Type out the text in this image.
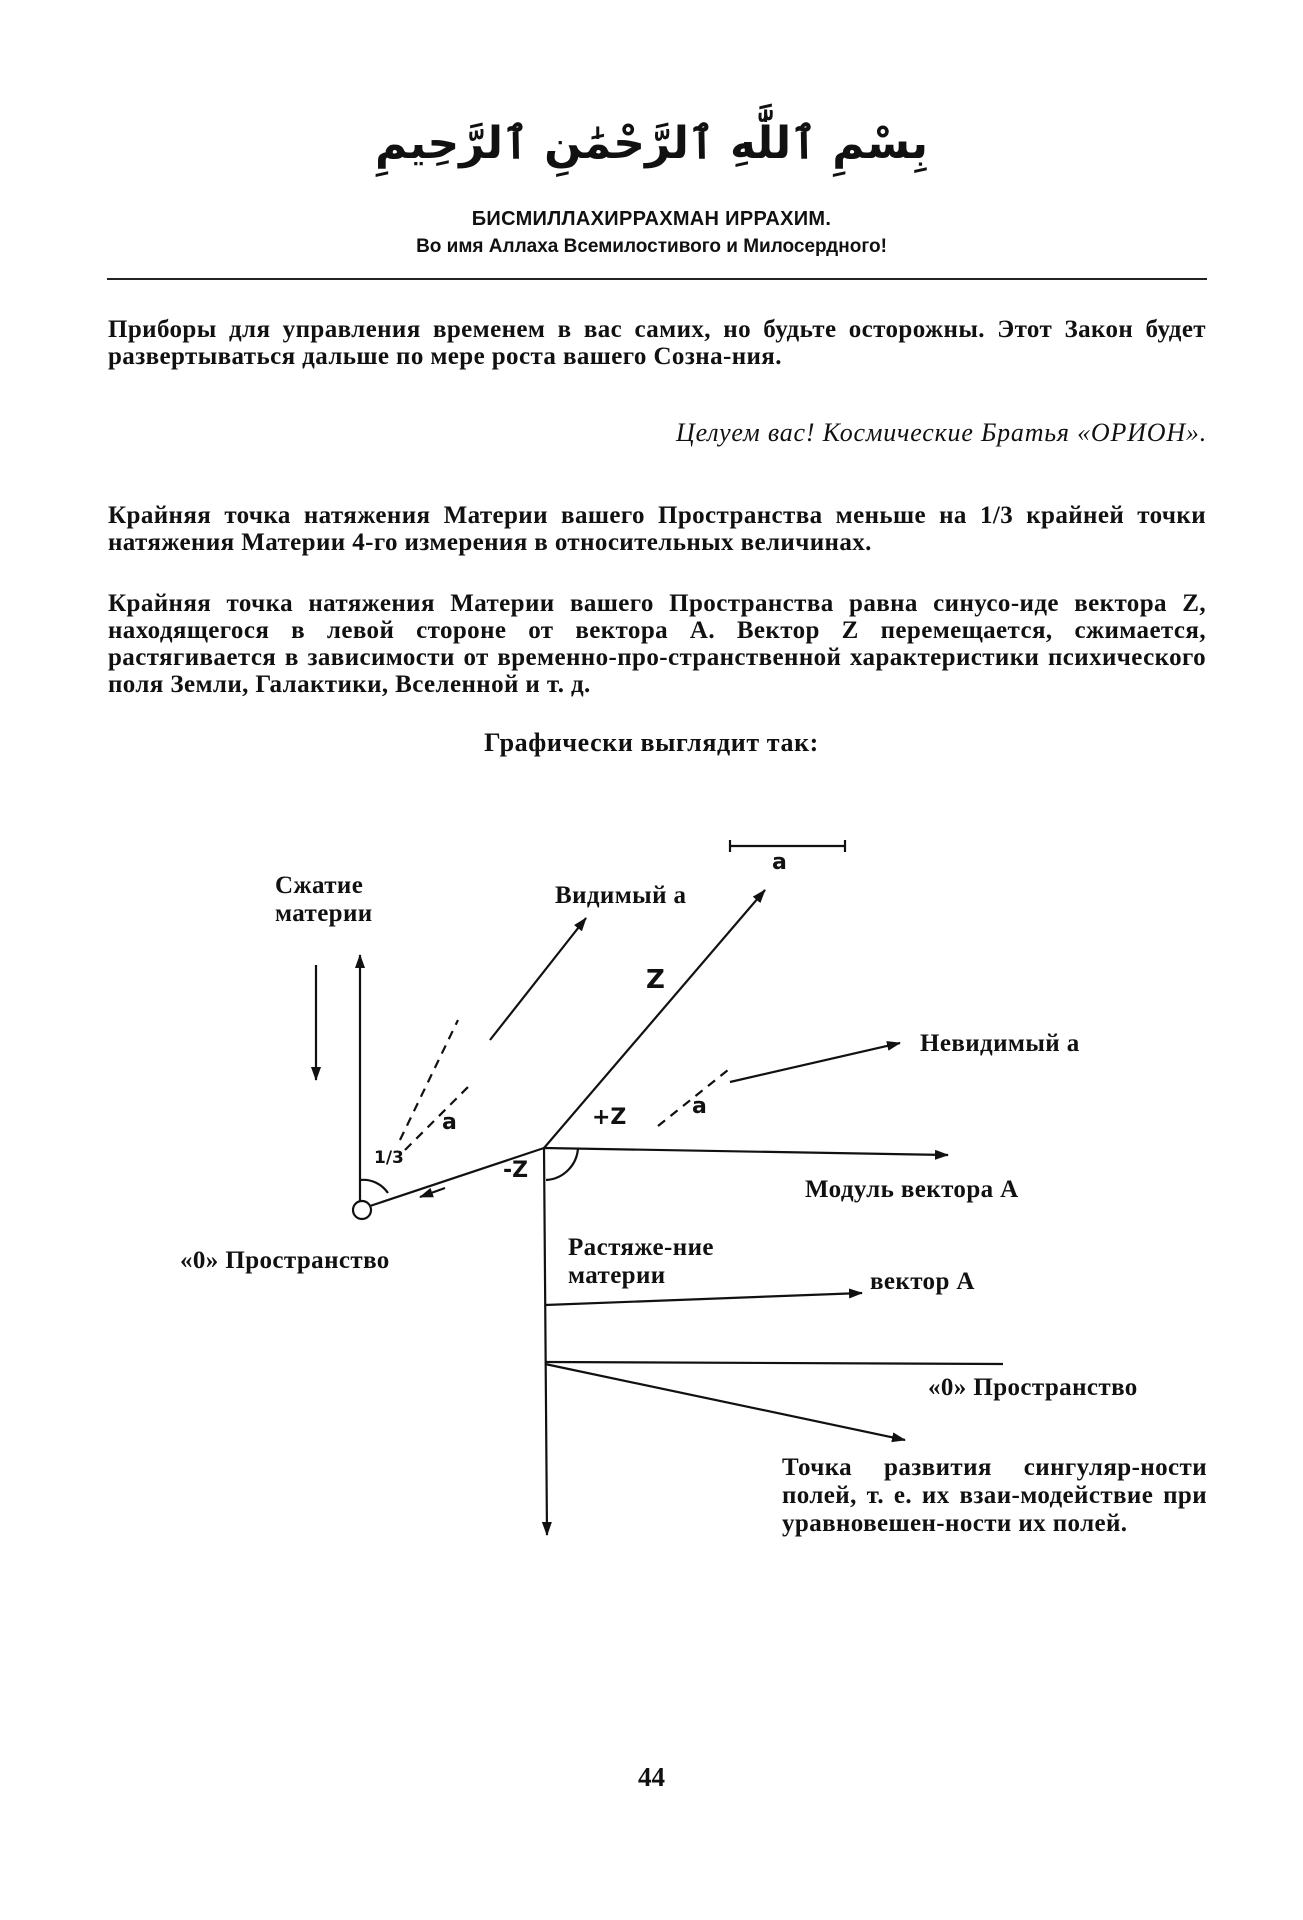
بِسْمِ ٱللَّٰهِ ٱلرَّحْمَٰنِ ٱلرَّحِيمِ
БИСМИЛЛАХИРРАХМАН ИРРАХИМ.
Во имя Аллаха Всемилостивого и Милосердного!
Приборы для управления временем в вас самих, но будьте осторожны. Этот Закон будет развертываться дальше по мере роста вашего Созна-ния.
Целуем вас! Космические Братья «ОРИОН».
Крайняя точка натяжения Материи вашего Пространства меньше на 1/3 крайней точки натяжения Материи 4-го измерения в относительных величинах.
Крайняя точка натяжения Материи вашего Пространства равна синусо-иде вектора Z, находящегося в левой стороне от вектора А. Вектор Z перемещается, сжимается, растягивается в зависимости от временно-про-странственной характеристики психического поля Земли, Галактики, Вселенной и т. д.
Графически выглядит так:
a
Z
+Z
-Z
1/3
a
a
Сжатие материи
Видимый а
Невидимый а
Модуль вектора А
«0» Пространство	Растяже-ние материи	вектор А
«0» Пространство
Точка развития сингуляр-ности полей, т. е. их взаи-модействие при уравновешен-ности их полей.
44
